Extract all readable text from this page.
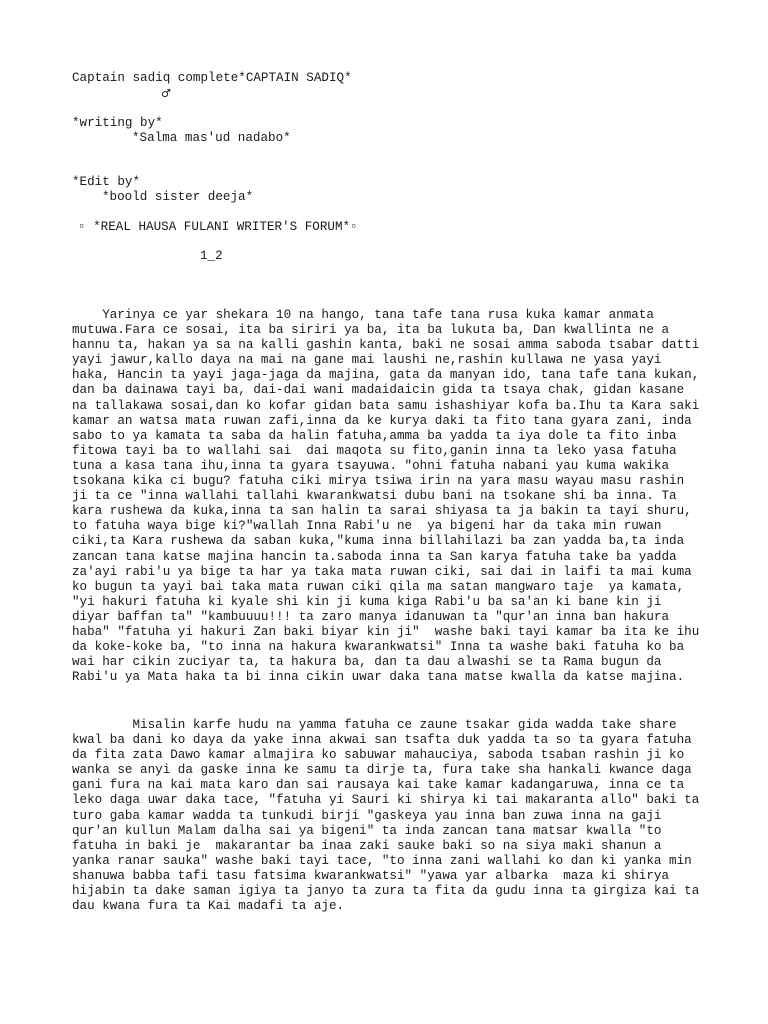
Captain sadiq complete*CAPTAIN SADIQ*
♂
*writing by*
*Salma mas'ud nadabo*
*Edit by*
*boold sister deeja*
▫ *REAL HAUSA FULANI WRITER'S FORUM*▫
1_2
Yarinya ce yar shekara 10 na hango, tana tafe tana rusa kuka kamar anmata
mutuwa.Fara ce sosai, ita ba siriri ya ba, ita ba lukuta ba, Dan kwallinta ne a
hannu ta, hakan ya sa na kalli gashin kanta, baki ne sosai amma saboda tsabar datti
yayi jawur,kallo daya na mai na gane mai laushi ne,rashin kullawa ne yasa yayi
haka, Hancin ta yayi jaga-jaga da majina, gata da manyan ido, tana tafe tana kukan,
dan ba dainawa tayi ba, dai-dai wani madaidaicin gida ta tsaya chak, gidan kasane
na tallakawa sosai,dan ko kofar gidan bata samu ishashiyar kofa ba.Ihu ta Kara saki
kamar an watsa mata ruwan zafi,inna da ke kurya daki ta fito tana gyara zani, inda
sabo to ya kamata ta saba da halin fatuha,amma ba yadda ta iya dole ta fito inba
fitowa tayi ba to wallahi sai  dai maqota su fito,ganin inna ta leko yasa fatuha
tuna a kasa tana ihu,inna ta gyara tsayuwa. "ohni fatuha nabani yau kuma wakika
tsokana kika ci bugu? fatuha ciki mirya tsiwa irin na yara masu wayau masu rashin
ji ta ce "inna wallahi tallahi kwarankwatsi dubu bani na tsokane shi ba inna. Ta
kara rushewa da kuka,inna ta san halin ta sarai shiyasa ta ja bakin ta tayi shuru,
to fatuha waya bige ki?"wallah Inna Rabi'u ne  ya bigeni har da taka min ruwan
ciki,ta Kara rushewa da saban kuka,"kuma inna billahilazi ba zan yadda ba,ta inda
zancan tana katse majina hancin ta.saboda inna ta San karya fatuha take ba yadda
za'ayi rabi'u ya bige ta har ya taka mata ruwan ciki, sai dai in laifi ta mai kuma
ko bugun ta yayi bai taka mata ruwan ciki qila ma satan mangwaro taje  ya kamata,
"yi hakuri fatuha ki kyale shi kin ji kuma kiga Rabi'u ba sa'an ki bane kin ji
diyar baffan ta" "kambuuuu!!! ta zaro manya idanuwan ta "qur'an inna ban hakura
haba" "fatuha yi hakuri Zan baki biyar kin ji"  washe baki tayi kamar ba ita ke ihu
da koke-koke ba, "to inna na hakura kwarankwatsi" Inna ta washe baki fatuha ko ba
wai har cikin zuciyar ta, ta hakura ba, dan ta dau alwashi se ta Rama bugun da
Rabi'u ya Mata haka ta bi inna cikin uwar daka tana matse kwalla da katse majina.
Misalin karfe hudu na yamma fatuha ce zaune tsakar gida wadda take share
kwal ba dani ko daya da yake inna akwai san tsafta duk yadda ta so ta gyara fatuha
da fita zata Dawo kamar almajira ko sabuwar mahauciya, saboda tsaban rashin ji ko
wanka se anyi da gaske inna ke samu ta dirje ta, fura take sha hankali kwance daga
gani fura na kai mata karo dan sai rausaya kai take kamar kadangaruwa, inna ce ta
leko daga uwar daka tace, "fatuha yi Sauri ki shirya ki tai makaranta allo" baki ta
turo gaba kamar wadda ta tunkudi birji "gaskeya yau inna ban zuwa inna na gaji
qur'an kullun Malam dalha sai ya bigeni" ta inda zancan tana matsar kwalla "to
fatuha in baki je  makarantar ba inaa zaki sauke baki so na siya maki shanun a
yanka ranar sauka" washe baki tayi tace, "to inna zani wallahi ko dan ki yanka min
shanuwa babba tafi tasu fatsima kwarankwatsi" "yawa yar albarka  maza ki shirya
hijabin ta dake saman igiya ta janyo ta zura ta fita da gudu inna ta girgiza kai ta
dau kwana fura ta Kai madafi ta aje.
